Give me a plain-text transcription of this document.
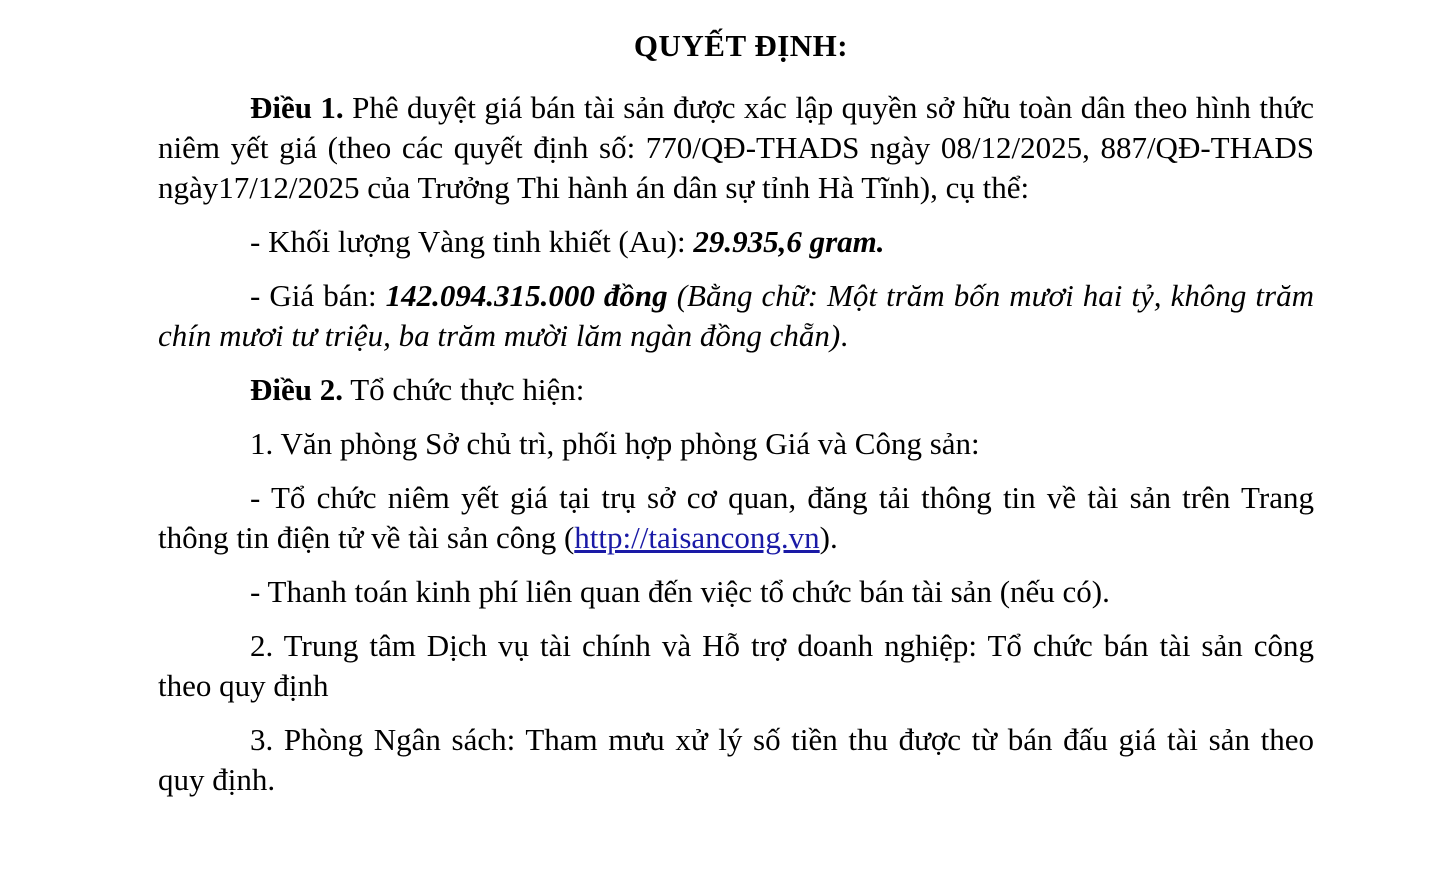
QUYẾT ĐỊNH:

Điều 1. Phê duyệt giá bán tài sản được xác lập quyền sở hữu toàn dân theo hình thức niêm yết giá (theo các quyết định số: 770/QĐ-THADS ngày 08/12/2025, 887/QĐ-THADS ngày17/12/2025 của Trưởng Thi hành án dân sự tỉnh Hà Tĩnh), cụ thể:

- Khối lượng Vàng tinh khiết (Au): 29.935,6 gram.

- Giá bán: 142.094.315.000 đồng (Bằng chữ: Một trăm bốn mươi hai tỷ, không trăm chín mươi tư triệu, ba trăm mười lăm ngàn đồng chẵn).

Điều 2. Tổ chức thực hiện:

1. Văn phòng Sở chủ trì, phối hợp phòng Giá và Công sản:

- Tổ chức niêm yết giá tại trụ sở cơ quan, đăng tải thông tin về tài sản trên Trang thông tin điện tử về tài sản công (http://taisancong.vn).

- Thanh toán kinh phí liên quan đến việc tổ chức bán tài sản (nếu có).

2. Trung tâm Dịch vụ tài chính và Hỗ trợ doanh nghiệp: Tổ chức bán tài sản công theo quy định

3. Phòng Ngân sách: Tham mưu xử lý số tiền thu được từ bán đấu giá tài sản theo quy định.
